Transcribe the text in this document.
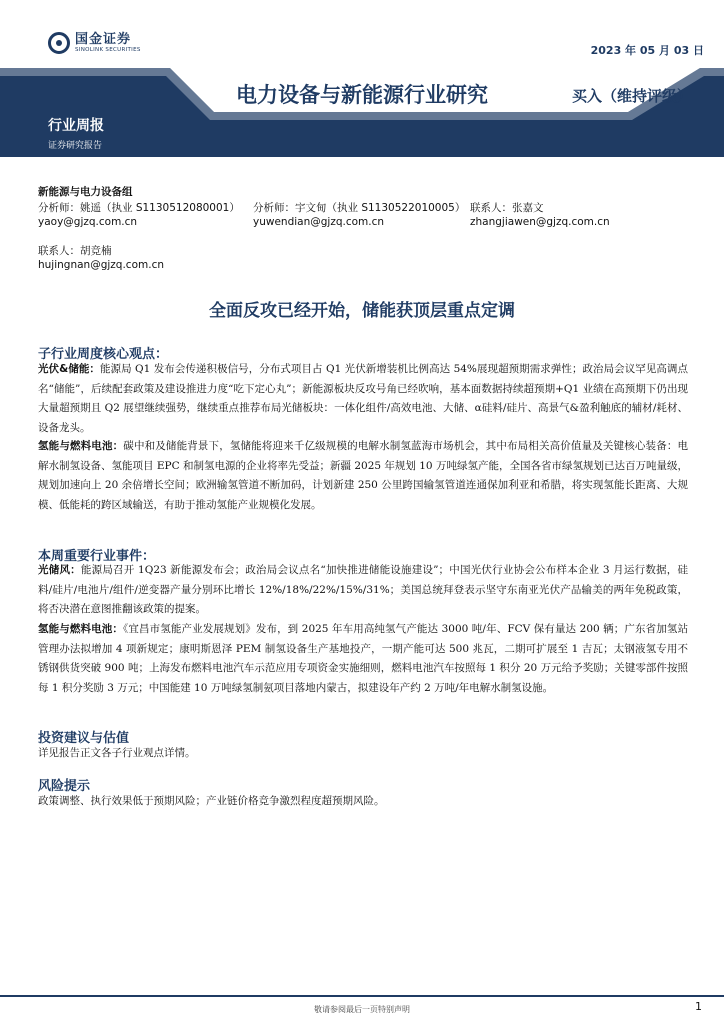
国金证券
SINOLINK SECURITIES	2023 年 05 月 03 日
电力设备与新能源行业研究	买入（维持评级）
行业周报
证券研究报告
新能源与电力设备组
分析师：姚遥（执业 S1130512080001）
yaoy@gjzq.com.cn
分析师：宇文甸（执业 S1130522010005）
yuwendian@gjzq.com.cn
联系人：张嘉文
zhangjiawen@gjzq.com.cn
联系人：胡竞楠
hujingnan@gjzq.com.cn
全面反攻已经开始，储能获顶层重点定调
子行业周度核心观点：
光伏&储能：能源局 Q1 发布会传递积极信号，分布式项目占 Q1 光伏新增装机比例高达 54%展现超预期需求弹性；政治局会议罕见高调点名“储能”，后续配套政策及建设推进力度“吃下定心丸”；新能源板块反攻号角已经吹响，基本面数据持续超预期+Q1 业绩在高预期下仍出现大量超预期且 Q2 展望继续强势，继续重点推荐布局光储板块：一体化组件/高效电池、大储、α硅料/硅片、高景气&盈利触底的辅材/耗材、设备龙头。
氢能与燃料电池：碳中和及储能背景下，氢储能将迎来千亿级规模的电解水制氢蓝海市场机会，其中布局相关高价值量及关键核心装备：电解水制氢设备、氢能项目 EPC 和制氢电源的企业将率先受益；新疆 2025 年规划 10 万吨绿氢产能，全国各省市绿氢规划已达百万吨量级，规划加速向上 20 余倍增长空间；欧洲输氢管道不断加码，计划新建 250 公里跨国输氢管道连通保加利亚和希腊，将实现氢能长距离、大规模、低能耗的跨区域输送，有助于推动氢能产业规模化发展。
本周重要行业事件：
光储风：能源局召开 1Q23 新能源发布会；政治局会议点名“加快推进储能设施建设”；中国光伏行业协会公布样本企业 3 月运行数据，硅料/硅片/电池片/组件/逆变器产量分别环比增长 12%/18%/22%/15%/31%；美国总统拜登表示坚守东南亚光伏产品输美的两年免税政策，将否决潜在意图推翻该政策的提案。
氢能与燃料电池：《宜昌市氢能产业发展规划》发布，到 2025 年车用高纯氢气产能达 3000 吨/年、FCV 保有量达 200 辆；广东省加氢站管理办法拟增加 4 项新规定；康明斯恩泽 PEM 制氢设备生产基地投产，一期产能可达 500 兆瓦，二期可扩展至 1 吉瓦；太钢液氢专用不锈钢供货突破 900 吨；上海发布燃料电池汽车示范应用专项资金实施细则，燃料电池汽车按照每 1 积分 20 万元给予奖励；关键零部件按照每 1 积分奖励 3 万元；中国能建 10 万吨绿氢制氨项目落地内蒙古，拟建设年产约 2 万吨/年电解水制氢设施。
投资建议与估值
详见报告正文各子行业观点详情。
风险提示
政策调整、执行效果低于预期风险；产业链价格竞争激烈程度超预期风险。
敬请参阅最后一页特别声明	1
